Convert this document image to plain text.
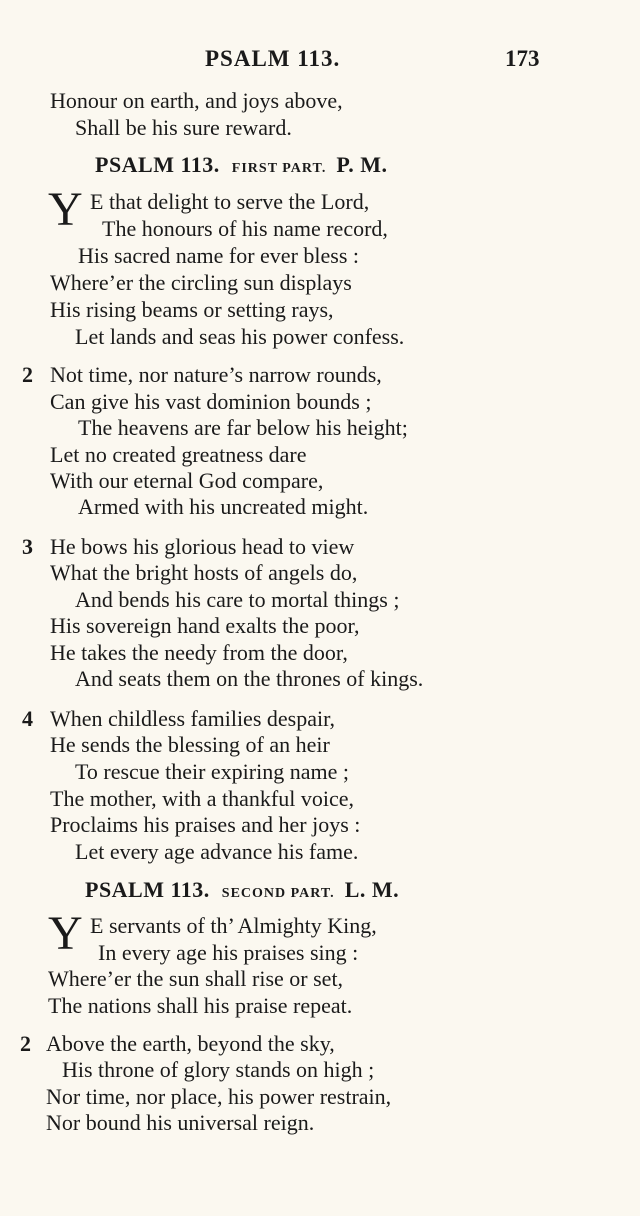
PSALM 113.	173
Honour on earth, and joys above,
Shall be his sure reward.
PSALM 113. FIRST PART. P. M.
Y E that delight to serve the Lord,
The honours of his name record,
His sacred name for ever bless :
Where’er the circling sun displays
His rising beams or setting rays,
Let lands and seas his power confess.
2 Not time, nor nature’s narrow rounds,
Can give his vast dominion bounds ;
The heavens are far below his height;
Let no created greatness dare
With our eternal God compare,
Armed with his uncreated might.
3 He bows his glorious head to view
What the bright hosts of angels do,
And bends his care to mortal things ;
His sovereign hand exalts the poor,
He takes the needy from the door,
And seats them on the thrones of kings.
4 When childless families despair,
He sends the blessing of an heir
To rescue their expiring name ;
The mother, with a thankful voice,
Proclaims his praises and her joys :
Let every age advance his fame.
PSALM 113. SECOND PART. L. M.
Y E servants of th’ Almighty King,
In every age his praises sing :
Where’er the sun shall rise or set,
The nations shall his praise repeat.
2 Above the earth, beyond the sky,
His throne of glory stands on high ;
Nor time, nor place, his power restrain,
Nor bound his universal reign.
